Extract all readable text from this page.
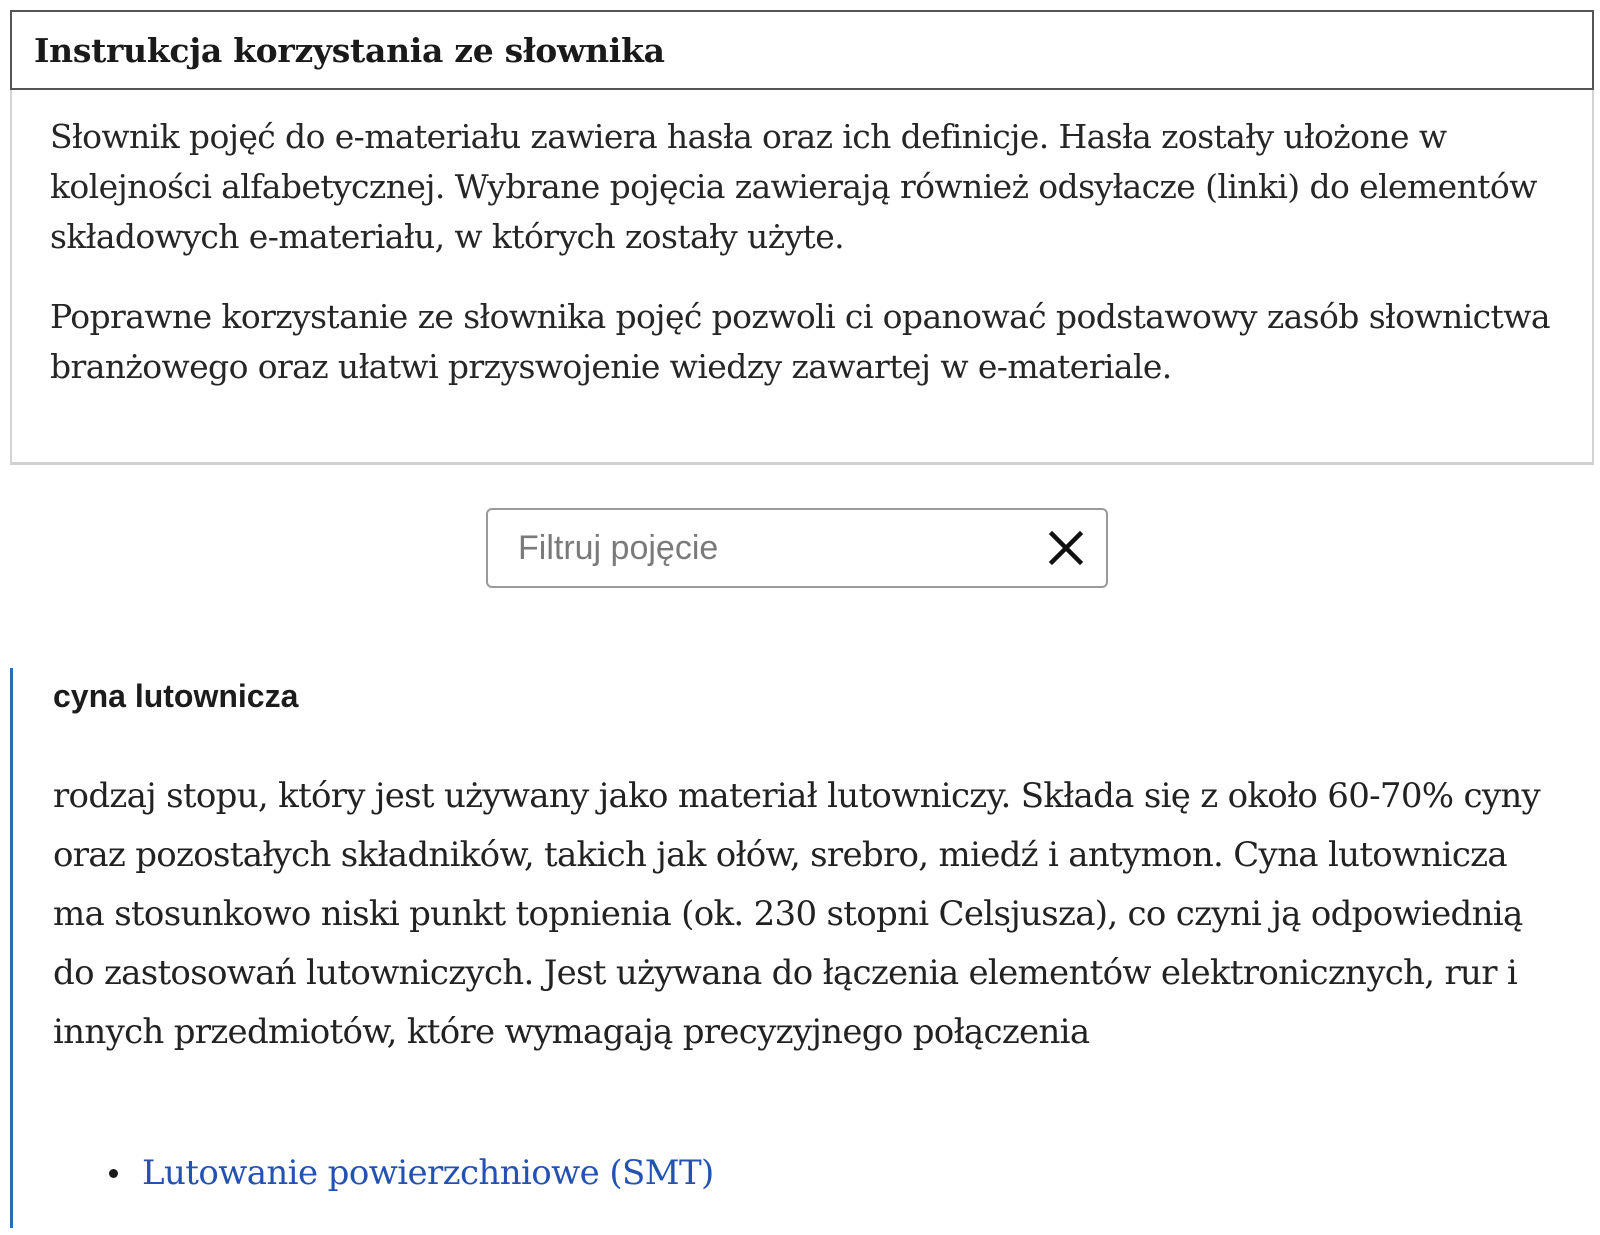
Instrukcja korzystania ze słownika

Słownik pojęć do e-materiału zawiera hasła oraz ich definicje. Hasła zostały ułożone w kolejności alfabetycznej. Wybrane pojęcia zawierają również odsyłacze (linki) do elementów składowych e-materiału, w których zostały użyte.

Poprawne korzystanie ze słownika pojęć pozwoli ci opanować podstawowy zasób słownictwa branżowego oraz ułatwi przyswojenie wiedzy zawartej w e-materiale.

Filtruj pojęcie
cyna lutownicza

rodzaj stopu, który jest używany jako materiał lutowniczy. Składa się z około 60-70% cyny oraz pozostałych składników, takich jak ołów, srebro, miedź i antymon. Cyna lutownicza ma stosunkowo niski punkt topnienia (ok. 230 stopni Celsjusza), co czyni ją odpowiednią do zastosowań lutowniczych. Jest używana do łączenia elementów elektronicznych, rur i innych przedmiotów, które wymagają precyzyjnego połączenia

Lutowanie powierzchniowe (SMT)
